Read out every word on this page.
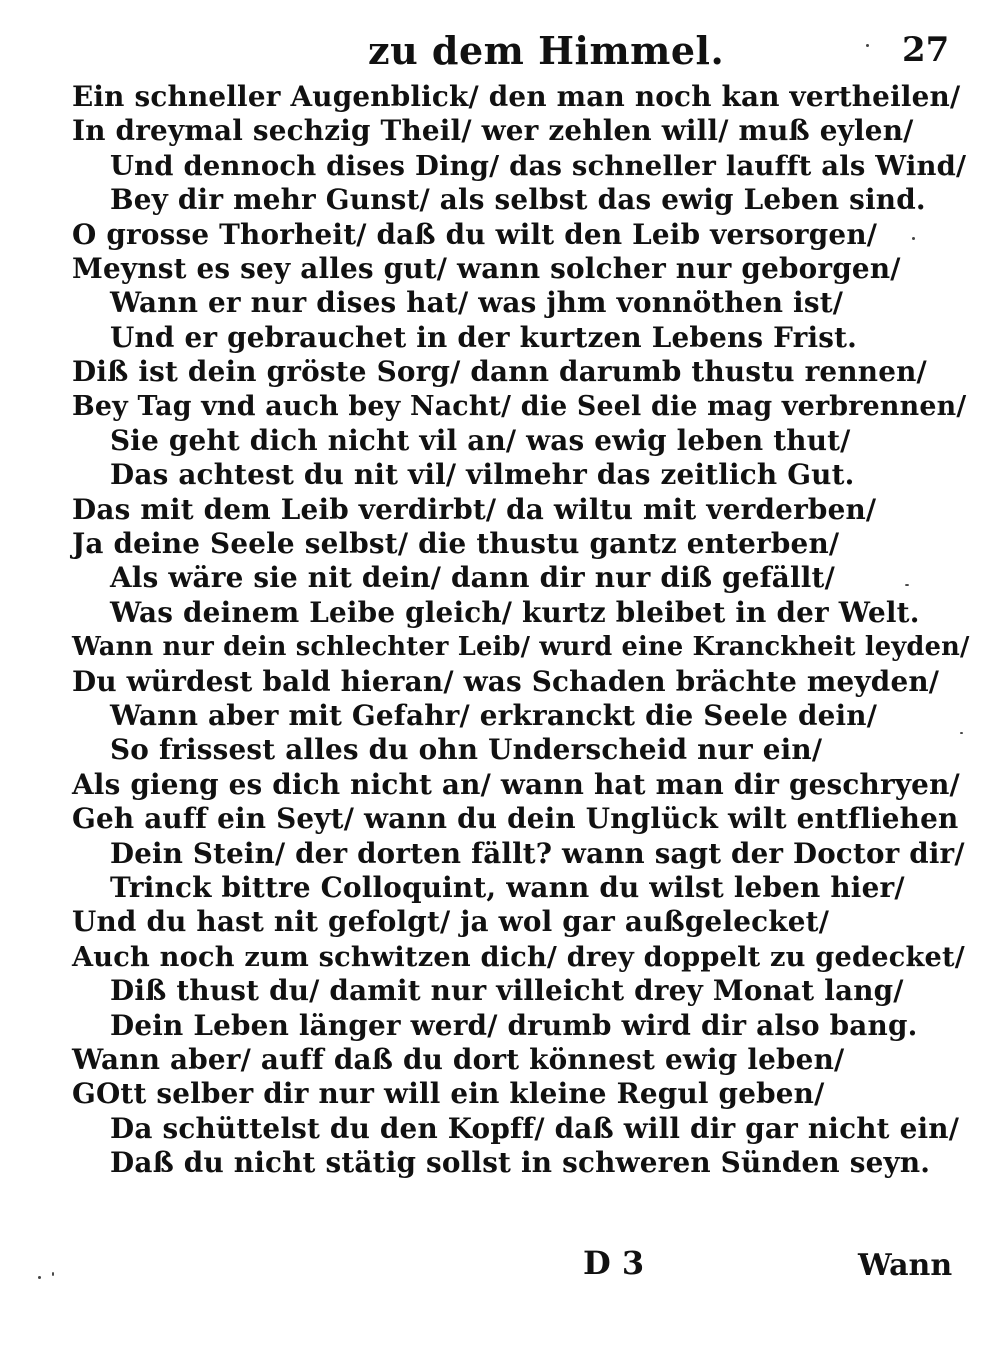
zu dem Himmel.	27
Ein schneller Augenblick/ den man noch kan vertheilen/
In dreymal sechzig Theil/ wer zehlen will/ muß eylen/
Und dennoch dises Ding/ das schneller laufft als Wind/
Bey dir mehr Gunst/ als selbst das ewig Leben sind.
O grosse Thorheit/ daß du wilt den Leib versorgen/
Meynst es sey alles gut/ wann solcher nur geborgen/
Wann er nur dises hat/ was jhm vonnöthen ist/
Und er gebrauchet in der kurtzen Lebens Frist.
Diß ist dein gröste Sorg/ dann darumb thustu rennen/
Bey Tag vnd auch bey Nacht/ die Seel die mag verbrennen/
Sie geht dich nicht vil an/ was ewig leben thut/
Das achtest du nit vil/ vilmehr das zeitlich Gut.
Das mit dem Leib verdirbt/ da wiltu mit verderben/
Ja deine Seele selbst/ die thustu gantz enterben/
Als wäre sie nit dein/ dann dir nur diß gefällt/
Was deinem Leibe gleich/ kurtz bleibet in der Welt.
Wann nur dein schlechter Leib/ wurd eine Kranckheit leyden/
Du würdest bald hieran/ was Schaden brächte meyden/
Wann aber mit Gefahr/ erkranckt die Seele dein/
So frissest alles du ohn Underscheid nur ein/
Als gieng es dich nicht an/ wann hat man dir geschryen/
Geh auff ein Seyt/ wann du dein Unglück wilt entfliehen
Dein Stein/ der dorten fällt? wann sagt der Doctor dir/
Trinck bittre Colloquint, wann du wilst leben hier/
Und du hast nit gefolgt/ ja wol gar außgelecket/
Auch noch zum schwitzen dich/ drey doppelt zu gedecket/
Diß thust du/ damit nur villeicht drey Monat lang/
Dein Leben länger werd/ drumb wird dir also bang.
Wann aber/ auff daß du dort könnest ewig leben/
GOtt selber dir nur will ein kleine Regul geben/
Da schüttelst du den Kopff/ daß will dir gar nicht ein/
Daß du nicht stätig sollst in schweren Sünden seyn.
D 3	Wann
